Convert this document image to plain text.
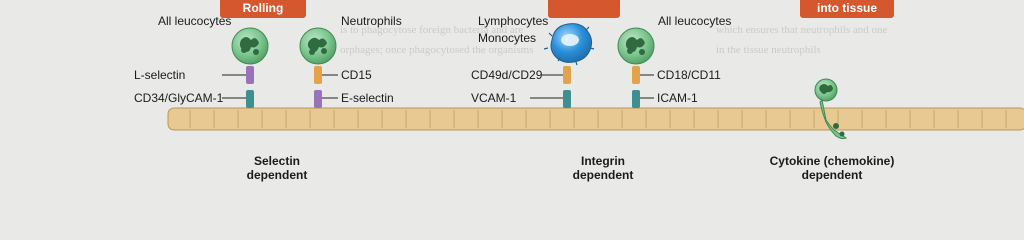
is to phagocytose foreign bacteria and are
orphages; once phagocytosed the organisms
which ensures that neutrophils and one
in the tissue neutrophils
Rolling	into tissue
All leucocytes	Neutrophils	Lymphocytes
Monocytes
All leucocytes
L-selectin
CD34/GlyCAM-1
CD15
E-selectin
CD49d/CD29
VCAM-1
CD18/CD11
ICAM-1
Selectin
dependent
Integrin
dependent
Cytokine (chemokine)
dependent
